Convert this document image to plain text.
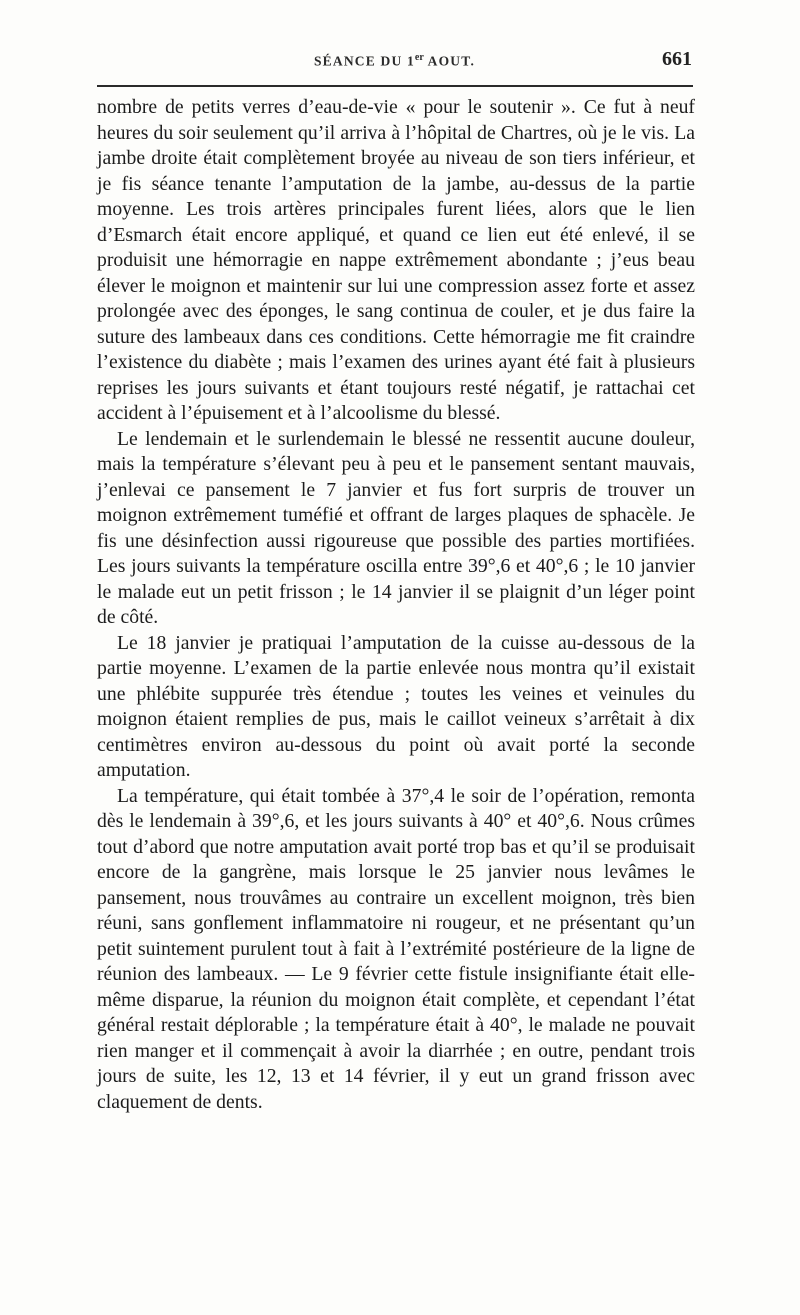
SÉANCE DU 1er AOUT.	661

nombre de petits verres d’eau-de-vie « pour le soutenir ». Ce fut à neuf heures du soir seulement qu’il arriva à l’hôpital de Chartres, où je le vis. La jambe droite était complètement broyée au niveau de son tiers inférieur, et je fis séance tenante l’amputation de la jambe, au-dessus de la partie moyenne. Les trois artères principales furent liées, alors que le lien d’Esmarch était encore appliqué, et quand ce lien eut été enlevé, il se produisit une hémorragie en nappe extrêmement abondante ; j’eus beau élever le moignon et maintenir sur lui une compression assez forte et assez prolongée avec des éponges, le sang continua de couler, et je dus faire la suture des lambeaux dans ces conditions. Cette hémorragie me fit craindre l’existence du diabète ; mais l’examen des urines ayant été fait à plusieurs reprises les jours suivants et étant toujours resté négatif, je rattachai cet accident à l’épuisement et à l’alcoolisme du blessé.

Le lendemain et le surlendemain le blessé ne ressentit aucune douleur, mais la température s’élevant peu à peu et le pansement sentant mauvais, j’enlevai ce pansement le 7 janvier et fus fort surpris de trouver un moignon extrêmement tuméfié et offrant de larges plaques de sphacèle. Je fis une désinfection aussi rigoureuse que possible des parties mortifiées. Les jours suivants la température oscilla entre 39°,6 et 40°,6 ; le 10 janvier le malade eut un petit frisson ; le 14 janvier il se plaignit d’un léger point de côté.

Le 18 janvier je pratiquai l’amputation de la cuisse au-dessous de la partie moyenne. L’examen de la partie enlevée nous montra qu’il existait une phlébite suppurée très étendue ; toutes les veines et veinules du moignon étaient remplies de pus, mais le caillot veineux s’arrêtait à dix centimètres environ au-dessous du point où avait porté la seconde amputation.

La température, qui était tombée à 37°,4 le soir de l’opération, remonta dès le lendemain à 39°,6, et les jours suivants à 40° et 40°,6. Nous crûmes tout d’abord que notre amputation avait porté trop bas et qu’il se produisait encore de la gangrène, mais lorsque le 25 janvier nous levâmes le pansement, nous trouvâmes au contraire un excellent moignon, très bien réuni, sans gonflement inflammatoire ni rougeur, et ne présentant qu’un petit suintement purulent tout à fait à l’extrémité postérieure de la ligne de réunion des lambeaux. — Le 9 février cette fistule insignifiante était elle-même disparue, la réunion du moignon était complète, et cependant l’état général restait déplorable ; la température était à 40°, le malade ne pouvait rien manger et il commençait à avoir la diarrhée ; en outre, pendant trois jours de suite, les 12, 13 et 14 février, il y eut un grand frisson avec claquement de dents.
